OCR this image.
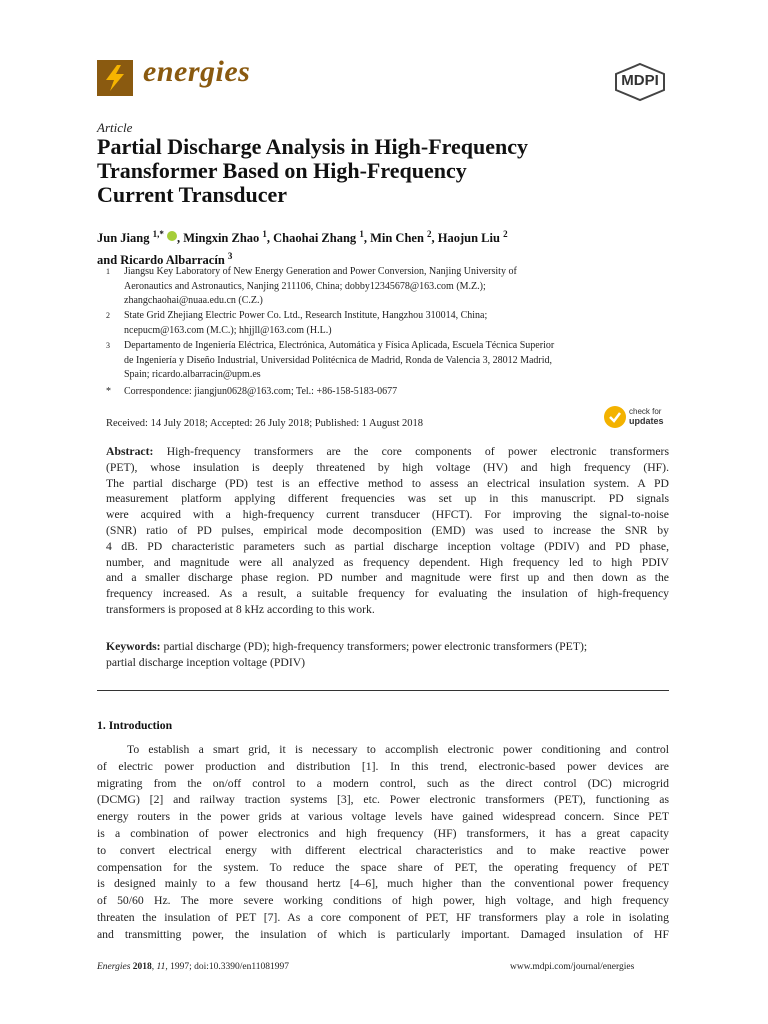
energies	MDPI
Article
Partial Discharge Analysis in High-Frequency
Transformer Based on High-Frequency
Current Transducer
Jun Jiang $^{1,*}$ , Mingxin Zhao $^1$, Chaohai Zhang $^1$, Min Chen $^2$, Haojun Liu $^2$
and Ricardo Albarracín $^3$
1 Jiangsu Key Laboratory of New Energy Generation and Power Conversion, Nanjing University of
Aeronautics and Astronautics, Nanjing 211106, China; dobby12345678@163.com (M.Z.);
zhangchaohai@nuaa.edu.cn (C.Z.)
2 State Grid Zhejiang Electric Power Co. Ltd., Research Institute, Hangzhou 310014, China;
ncepucm@163.com (M.C.); hhjjll@163.com (H.L.)
3 Departamento de Ingeniería Eléctrica, Electrónica, Automática y Física Aplicada, Escuela Técnica Superior
de Ingeniería y Diseño Industrial, Universidad Politécnica de Madrid, Ronda de Valencia 3, 28012 Madrid,
Spain; ricardo.albarracin@upm.es
* Correspondence: jiangjun0628@163.com; Tel.: +86-158-5183-0677
Received: 14 July 2018; Accepted: 26 July 2018; Published: 1 August 2018
check for
updates
Abstract: High-frequency transformers are the core components of power electronic transformers
(PET), whose insulation is deeply threatened by high voltage (HV) and high frequency (HF).
The partial discharge (PD) test is an effective method to assess an electrical insulation system. A PD
measurement platform applying different frequencies was set up in this manuscript. PD signals
were acquired with a high-frequency current transducer (HFCT). For improving the signal-to-noise
(SNR) ratio of PD pulses, empirical mode decomposition (EMD) was used to increase the SNR by
4 dB. PD characteristic parameters such as partial discharge inception voltage (PDIV) and PD phase,
number, and magnitude were all analyzed as frequency dependent. High frequency led to high PDIV
and a smaller discharge phase region. PD number and magnitude were first up and then down as the
frequency increased. As a result, a suitable frequency for evaluating the insulation of high-frequency
transformers is proposed at 8 kHz according to this work.
Keywords: partial discharge (PD); high-frequency transformers; power electronic transformers (PET);
partial discharge inception voltage (PDIV)
1. Introduction
To establish a smart grid, it is necessary to accomplish electronic power conditioning and control
of electric power production and distribution [1]. In this trend, electronic-based power devices are
migrating from the on/off control to a modern control, such as the direct control (DC) microgrid
(DCMG) [2] and railway traction systems [3], etc. Power electronic transformers (PET), functioning as
energy routers in the power grids at various voltage levels have gained widespread concern. Since PET
is a combination of power electronics and high frequency (HF) transformers, it has a great capacity
to convert electrical energy with different electrical characteristics and to make reactive power
compensation for the system. To reduce the space share of PET, the operating frequency of PET
is designed mainly to a few thousand hertz [4–6], much higher than the conventional power frequency
of 50/60 Hz. The more severe working conditions of high power, high voltage, and high frequency
threaten the insulation of PET [7]. As a core component of PET, HF transformers play a role in isolating
and transmitting power, the insulation of which is particularly important. Damaged insulation of HF
Energies 2018, 11, 1997; doi:10.3390/en11081997	www.mdpi.com/journal/energies
